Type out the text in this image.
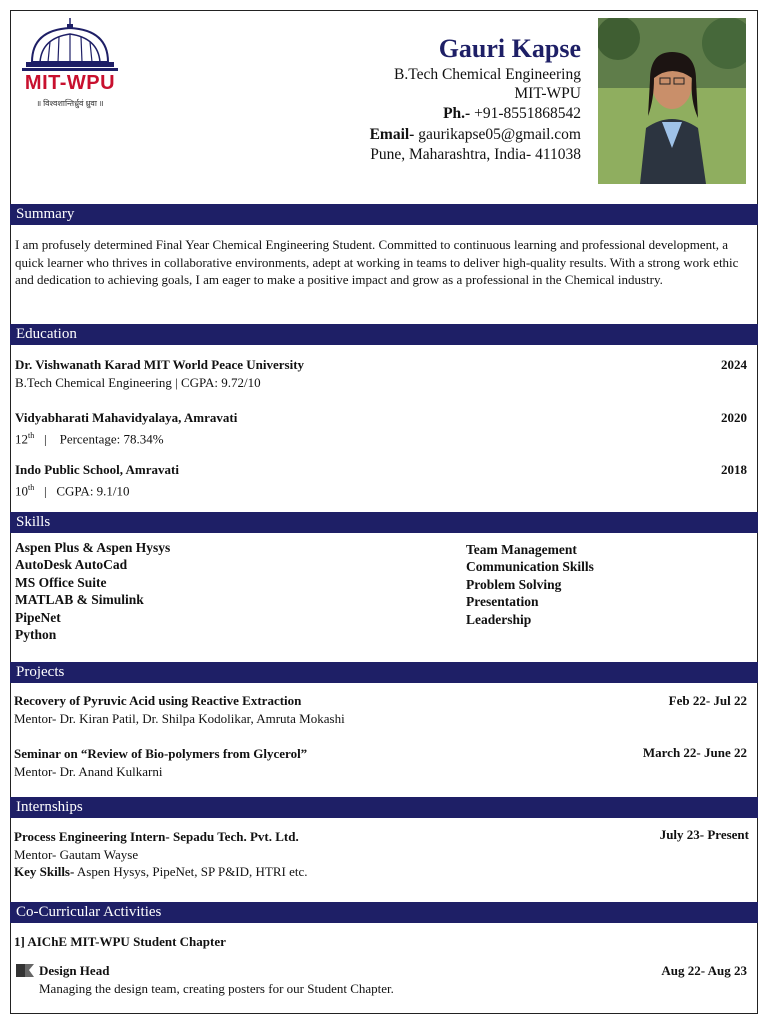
MIT-WPU
॥ विश्वशान्तिर्ध्रुवं ध्रुवा ॥
Gauri Kapse
B.Tech Chemical Engineering
MIT-WPU
Ph.- +91-8551868542
Email- gaurikapse05@gmail.com
Pune, Maharashtra, India- 411038
Summary
I am profusely determined Final Year Chemical Engineering Student. Committed to continuous learning and professional development, a quick learner who thrives in collaborative environments, adept at working in teams to deliver high-quality results. With a strong work ethic and dedication to achieving goals, I am eager to make a positive impact and grow as a professional in the Chemical industry.
Education
Dr. Vishwanath Karad MIT World Peace University	2024
B.Tech Chemical Engineering | CGPA: 9.72/10
Vidyabharati Mahavidyalaya, Amravati	2020
12th |    Percentage: 78.34%
Indo Public School, Amravati	2018
10th |   CGPA: 9.1/10
Skills
Aspen Plus & Aspen Hysys
AutoDesk AutoCad
MS Office Suite
MATLAB & Simulink
PipeNet
Python
Team Management
Communication Skills
Problem Solving
Presentation
Leadership
Projects
Recovery of Pyruvic Acid using Reactive Extraction	Feb 22- Jul 22
Mentor- Dr. Kiran Patil, Dr. Shilpa Kodolikar, Amruta Mokashi
Seminar on “Review of Bio-polymers from Glycerol”	March 22- June 22
Mentor- Dr. Anand Kulkarni
Internships
Process Engineering Intern- Sepadu Tech. Pvt. Ltd.	July 23- Present
Mentor- Gautam Wayse
Key Skills- Aspen Hysys, PipeNet, SP P&ID, HTRI etc.
Co-Curricular Activities
1] AIChE MIT-WPU Student Chapter
Design Head	Aug 22- Aug 23
Managing the design team, creating posters for our Student Chapter.
